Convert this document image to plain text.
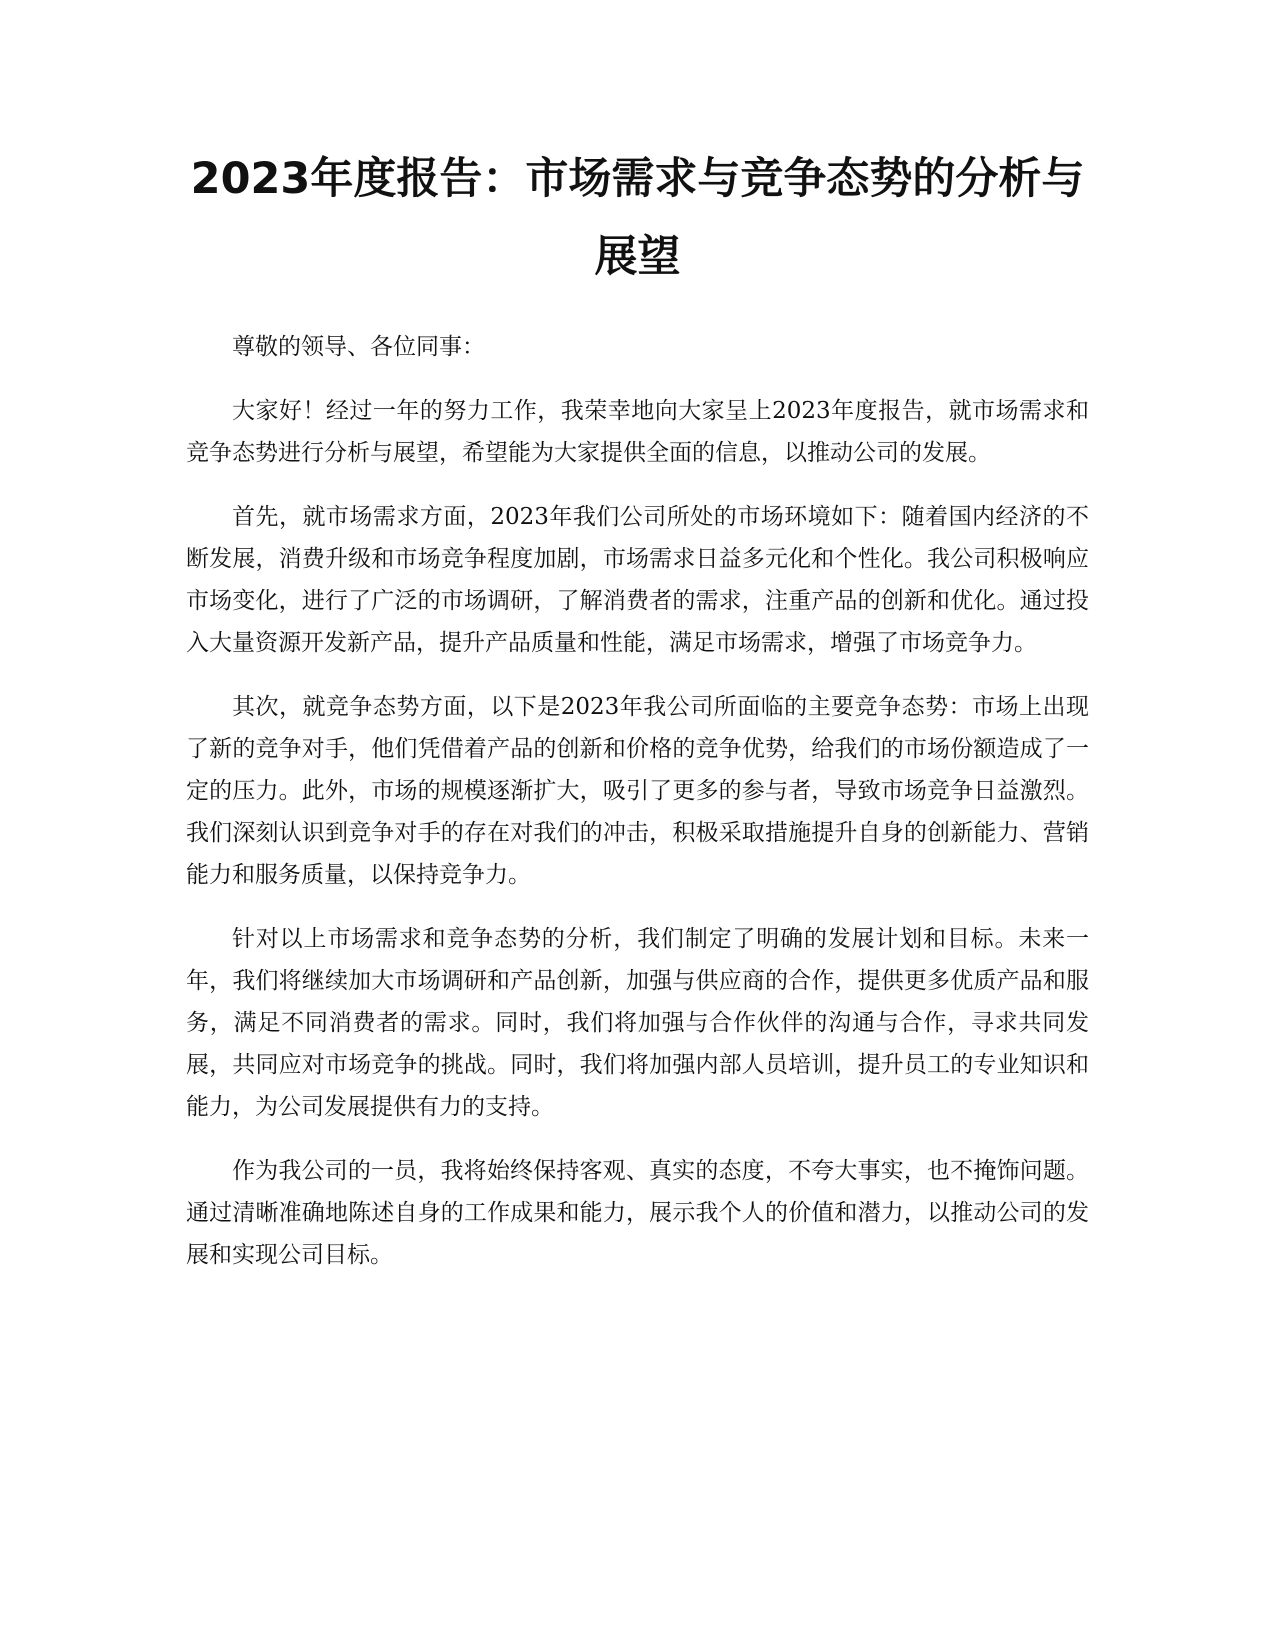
2023年度报告：市场需求与竞争态势的分析与展望

尊敬的领导、各位同事：

大家好！经过一年的努力工作，我荣幸地向大家呈上2023年度报告，就市场需求和竞争态势进行分析与展望，希望能为大家提供全面的信息，以推动公司的发展。

首先，就市场需求方面，2023年我们公司所处的市场环境如下：随着国内经济的不断发展，消费升级和市场竞争程度加剧，市场需求日益多元化和个性化。我公司积极响应市场变化，进行了广泛的市场调研，了解消费者的需求，注重产品的创新和优化。通过投入大量资源开发新产品，提升产品质量和性能，满足市场需求，增强了市场竞争力。

其次，就竞争态势方面，以下是2023年我公司所面临的主要竞争态势：市场上出现了新的竞争对手，他们凭借着产品的创新和价格的竞争优势，给我们的市场份额造成了一定的压力。此外，市场的规模逐渐扩大，吸引了更多的参与者，导致市场竞争日益激烈。我们深刻认识到竞争对手的存在对我们的冲击，积极采取措施提升自身的创新能力、营销能力和服务质量，以保持竞争力。

针对以上市场需求和竞争态势的分析，我们制定了明确的发展计划和目标。未来一年，我们将继续加大市场调研和产品创新，加强与供应商的合作，提供更多优质产品和服务，满足不同消费者的需求。同时，我们将加强与合作伙伴的沟通与合作，寻求共同发展，共同应对市场竞争的挑战。同时，我们将加强内部人员培训，提升员工的专业知识和能力，为公司发展提供有力的支持。

作为我公司的一员，我将始终保持客观、真实的态度，不夸大事实，也不掩饰问题。通过清晰准确地陈述自身的工作成果和能力，展示我个人的价值和潜力，以推动公司的发展和实现公司目标。
